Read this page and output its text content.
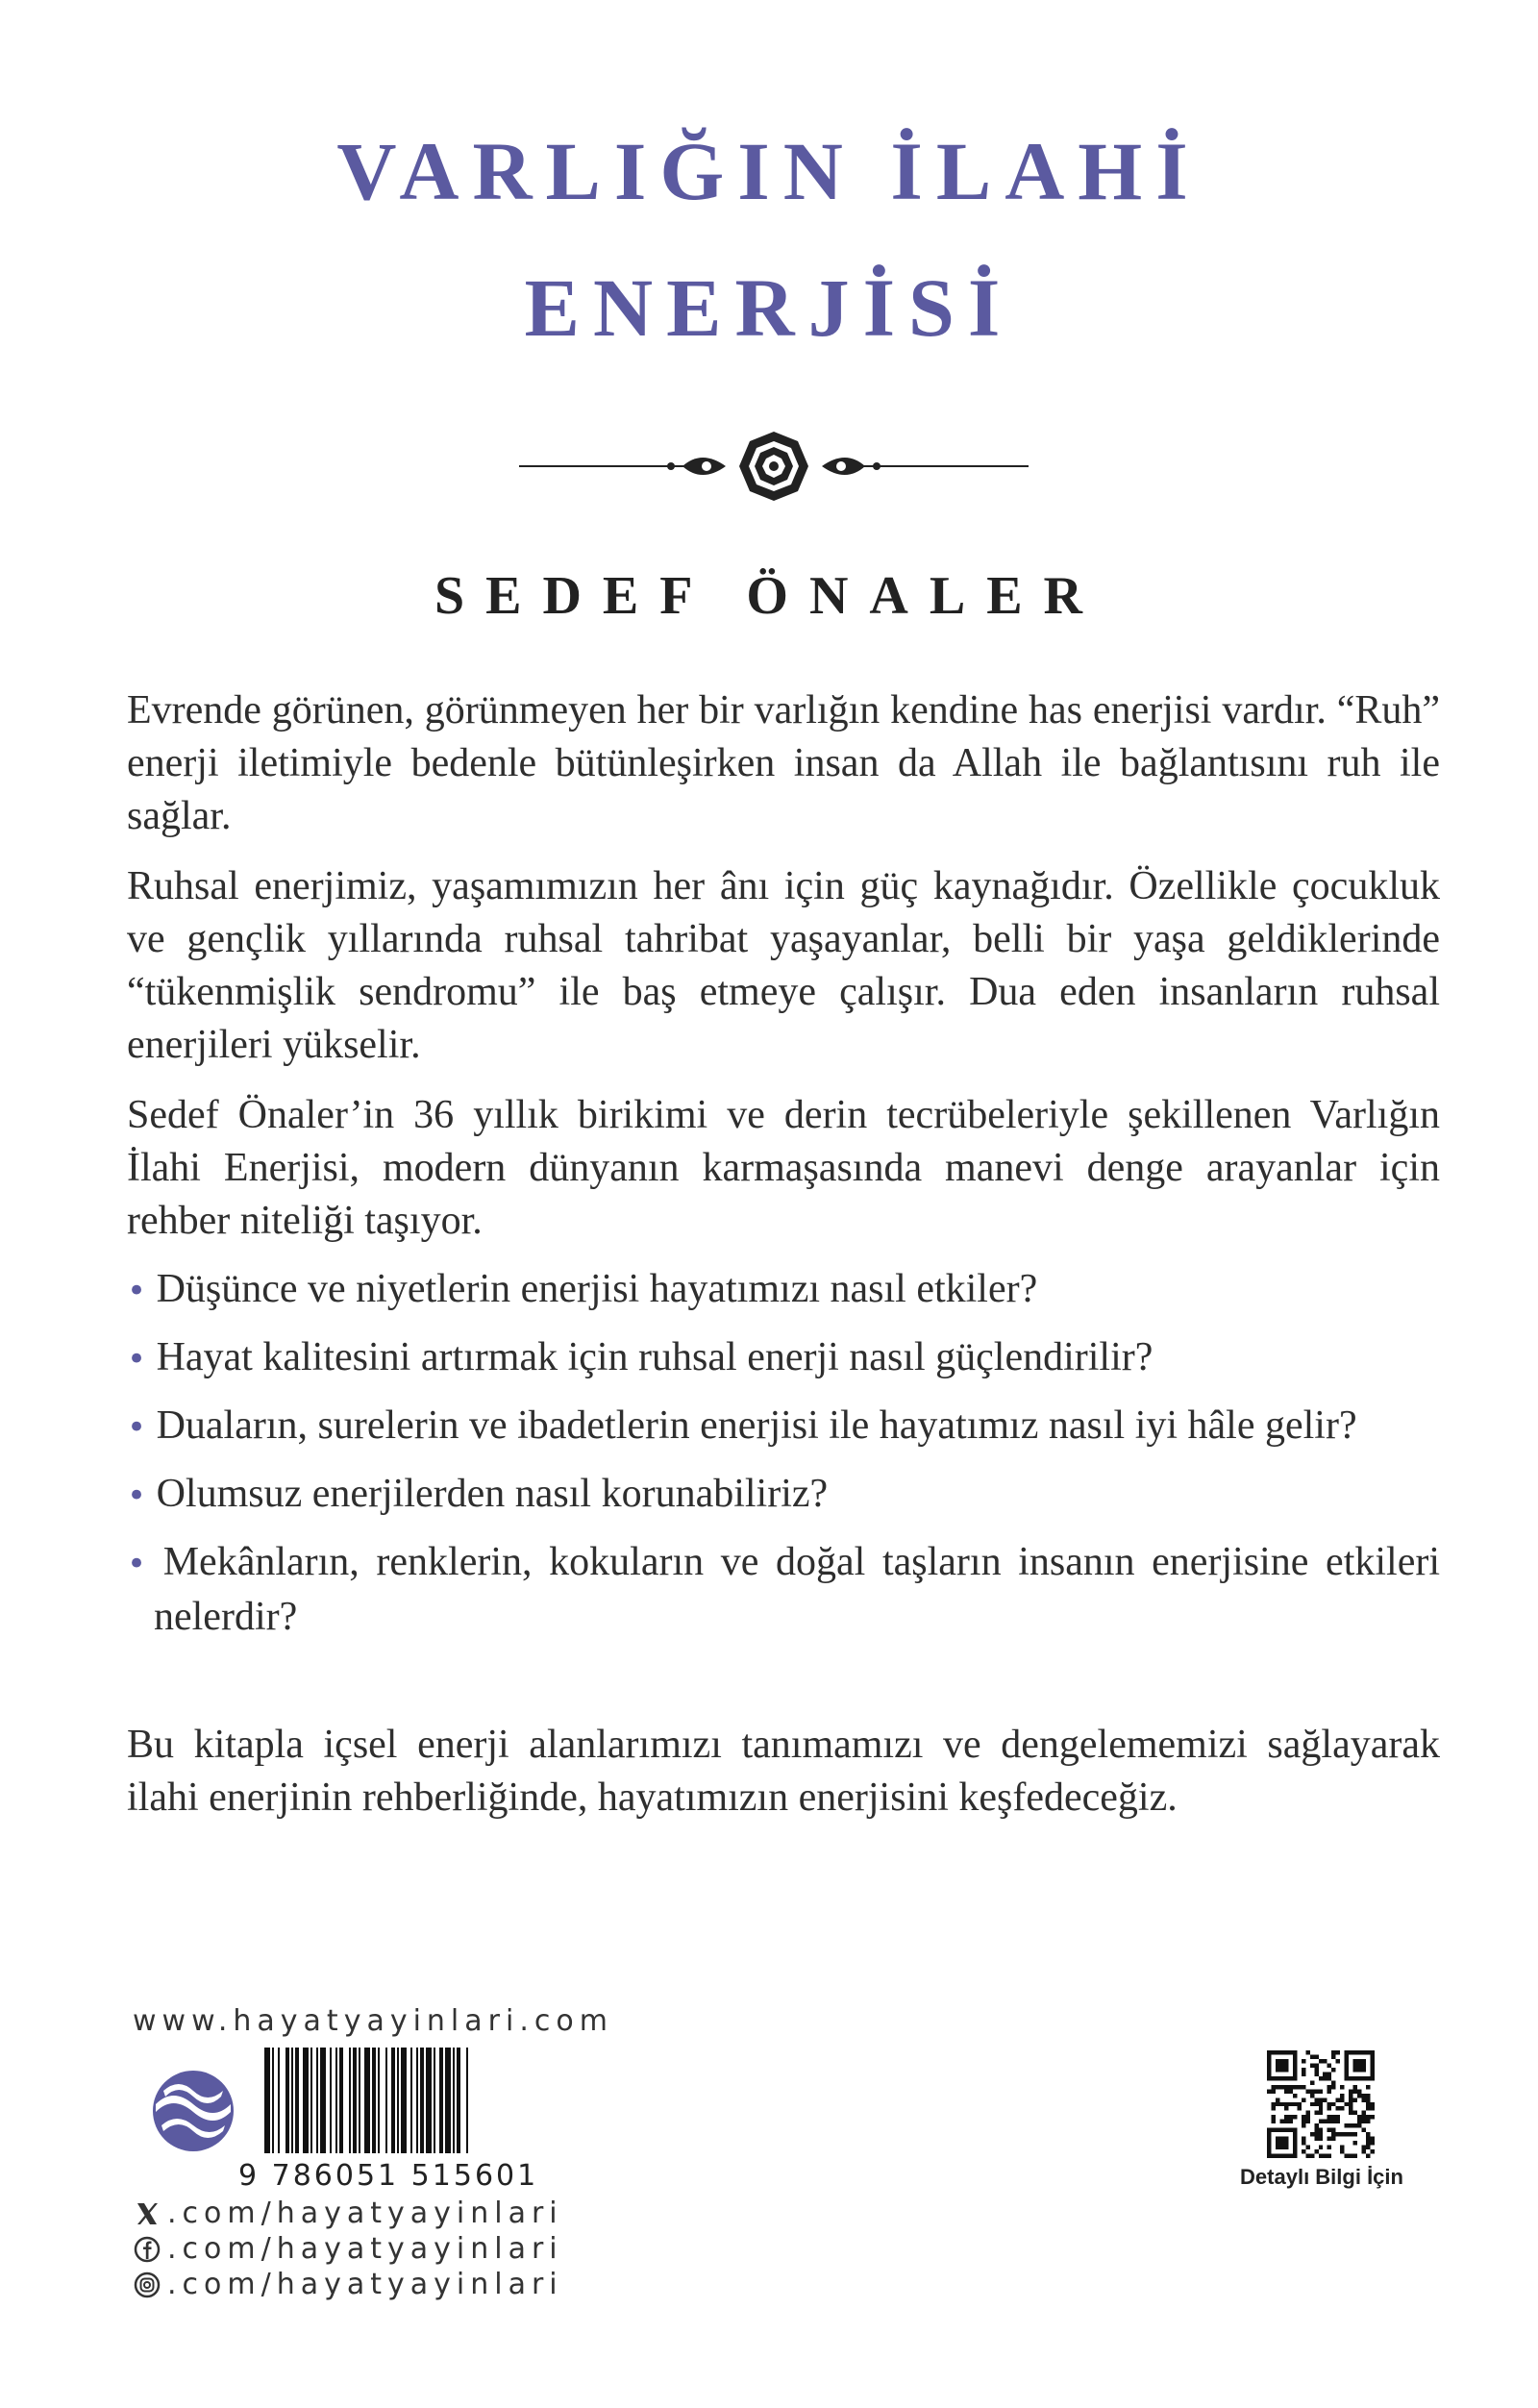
VARLIĞIN İLAHİ
ENERJİSİ
SEDEF ÖNALER

Evrende görünen, görünmeyen her bir varlığın kendine has enerjisi vardır. “Ruh” enerji iletimiyle bedenle bütünleşirken insan da Allah ile bağlantısını ruh ile sağlar.

Ruhsal enerjimiz, yaşamımızın her ânı için güç kaynağıdır. Özellikle çocukluk ve gençlik yıllarında ruhsal tahribat yaşayanlar, belli bir yaşa geldiklerinde “tükenmişlik sendromu” ile baş etmeye çalışır. Dua eden insanların ruhsal enerjileri yükselir.

Sedef Önaler’in 36 yıllık birikimi ve derin tecrübeleriyle şekillenen Varlığın İlahi Enerjisi, modern dünyanın karmaşasında manevi denge arayanlar için rehber niteliği taşıyor.

• Düşünce ve niyetlerin enerjisi hayatımızı nasıl etkiler?
• Hayat kalitesini artırmak için ruhsal enerji nasıl güçlendirilir?
• Duaların, surelerin ve ibadetlerin enerjisi ile hayatımız nasıl iyi hâle gelir?
• Olumsuz enerjilerden nasıl korunabiliriz?
• Mekânların, renklerin, kokuların ve doğal taşların insanın enerjisine etkileri nelerdir?

Bu kitapla içsel enerji alanlarımızı tanımamızı ve dengelememizi sağlayarak ilahi enerjinin rehberliğinde, hayatımızın enerjisini keşfedeceğiz.

www.hayatyayinlari.com
9 786051 515601
.com/hayatyayinlari
.com/hayatyayinlari
.com/hayatyayinlari
Detaylı Bilgi İçin
